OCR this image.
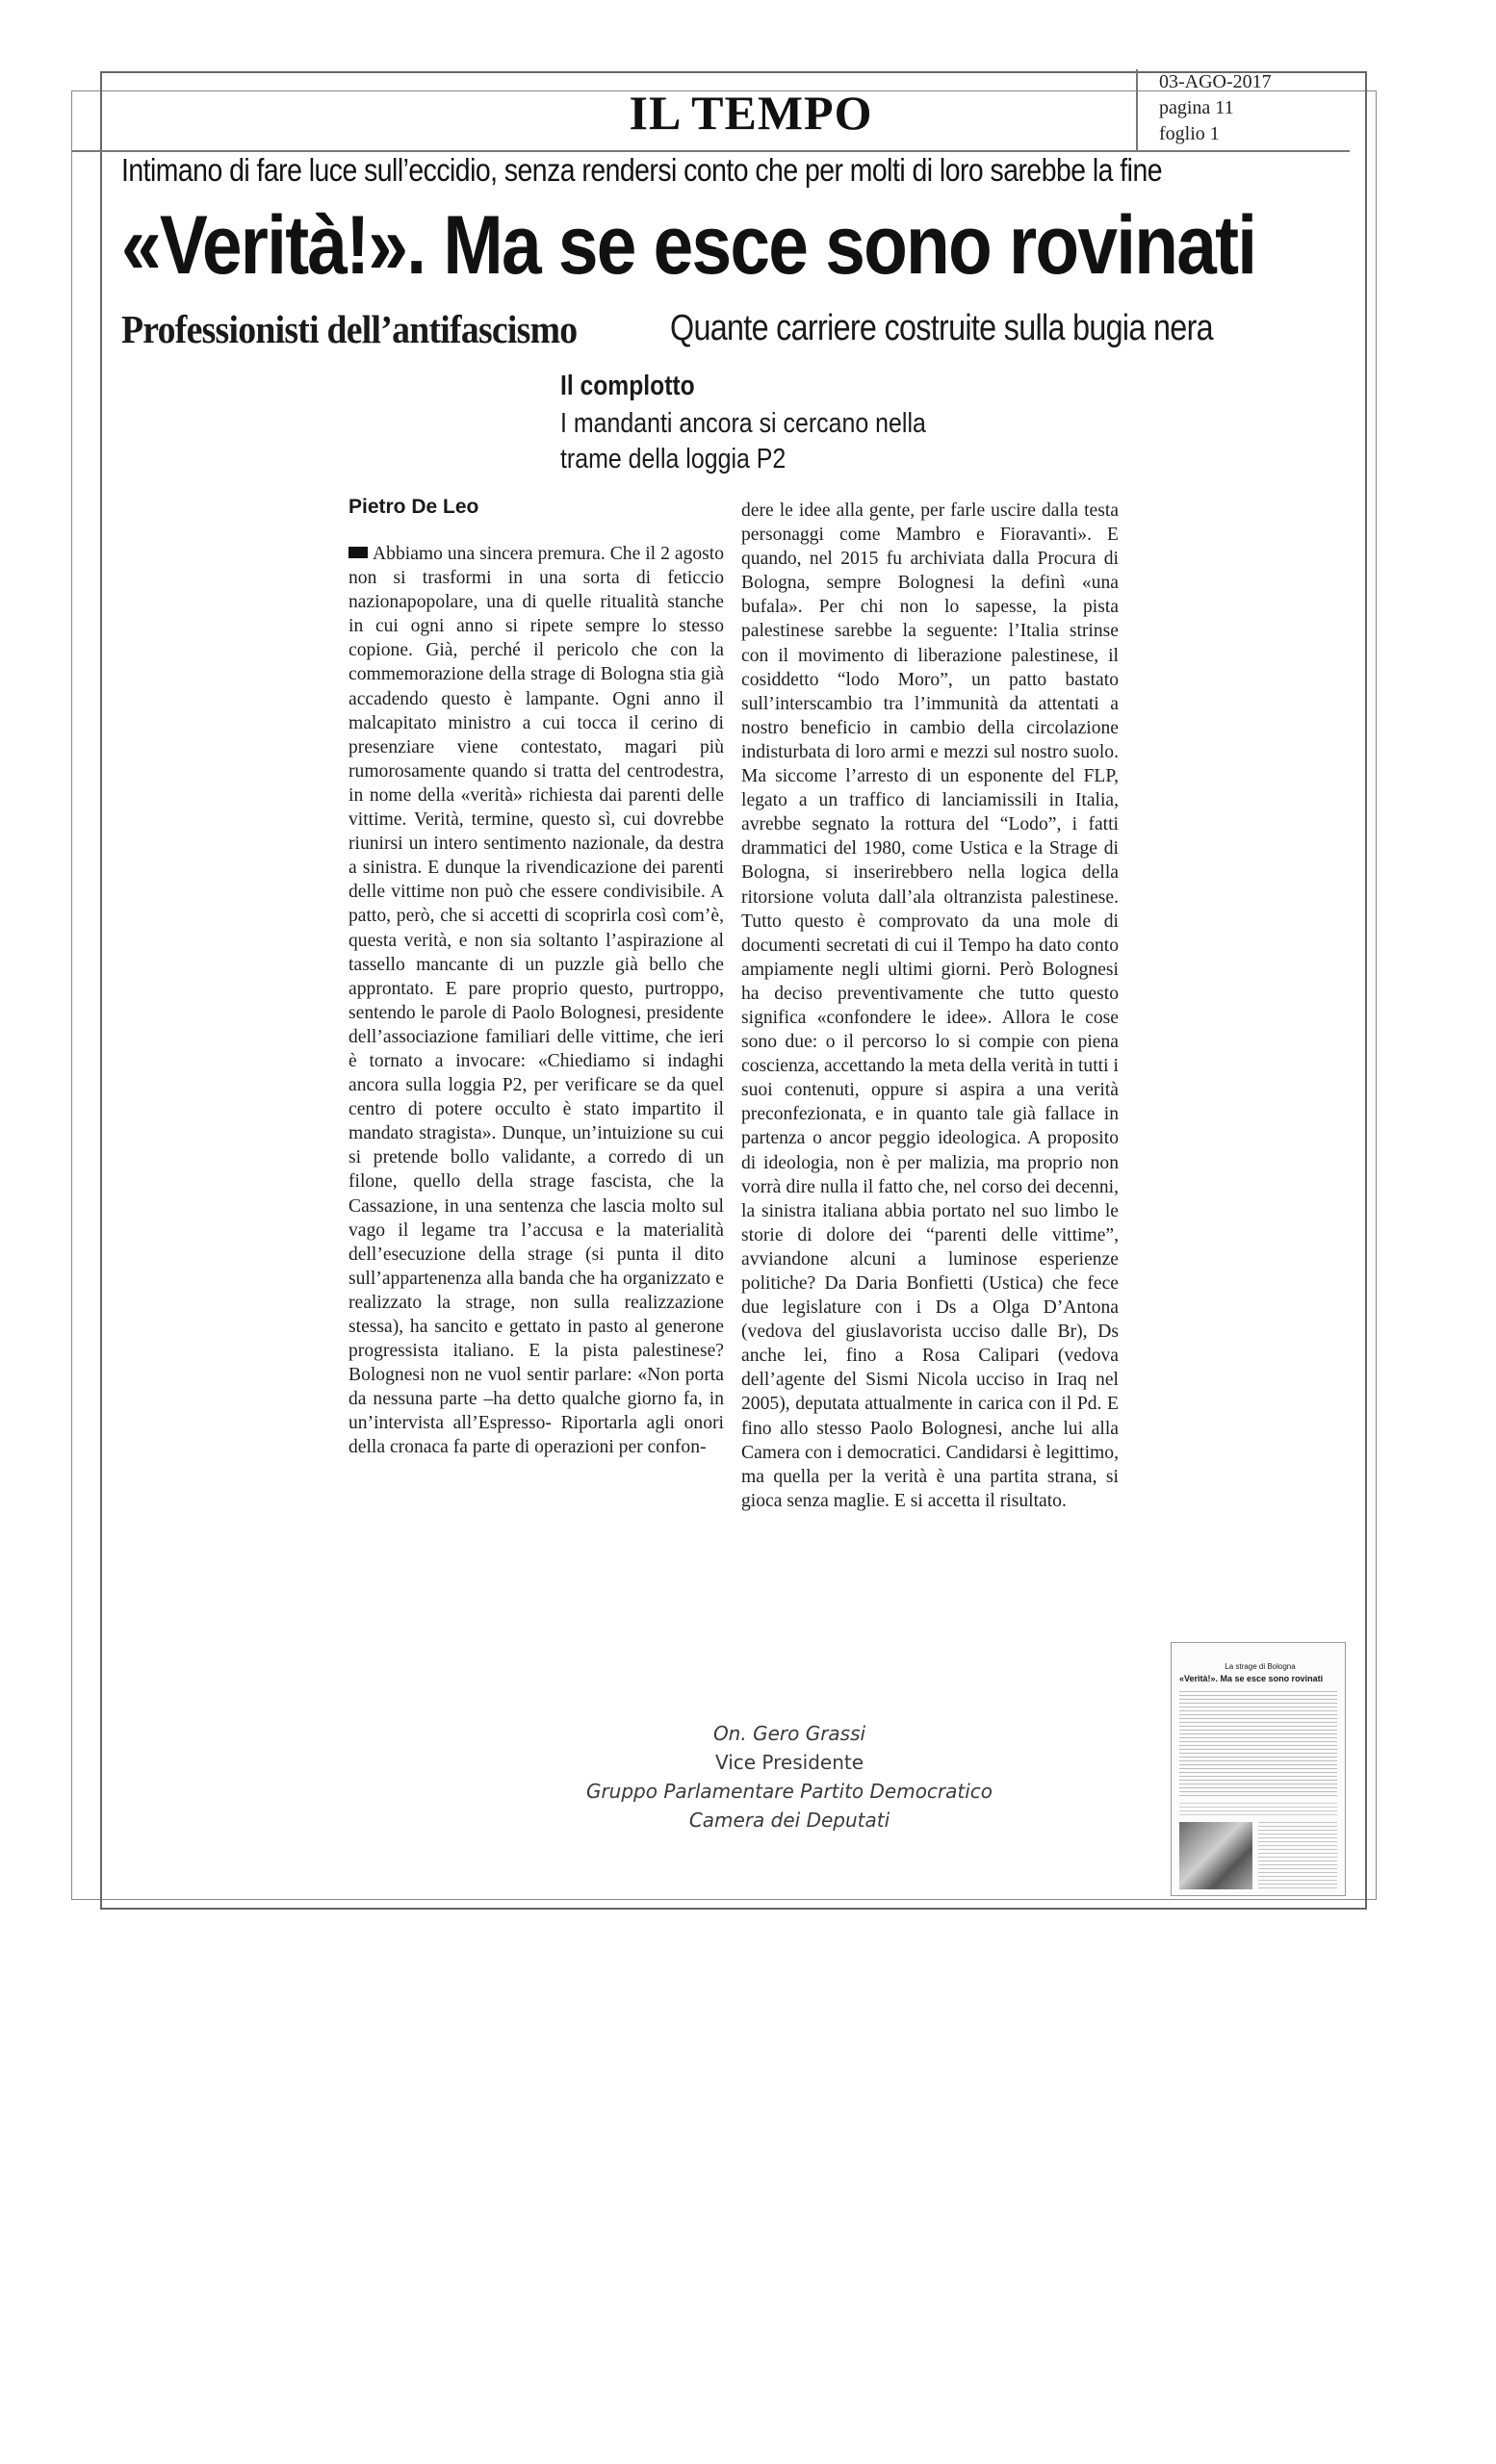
IL TEMPO
03-AGO-2017
pagina 11
foglio 1
Intimano di fare luce sull’eccidio, senza rendersi conto che per molti di loro sarebbe la fine
«Verità!». Ma se esce sono rovinati
Professionisti dell’antifascismo	Quante carriere costruite sulla bugia nera
Il complotto
I mandanti ancora si cercano nella trame della loggia P2
Pietro De Leo

Abbiamo una sincera premura. Che il 2 agosto non si trasformi in una sorta di feticcio nazionapopolare, una di quelle ritualità stanche in cui ogni anno si ripete sempre lo stesso copione. Già, perché il pericolo che con la commemorazione della strage di Bologna stia già accadendo questo è lampante. Ogni anno il malcapitato ministro a cui tocca il cerino di presenziare viene contestato, magari più rumorosamente quando si tratta del centrodestra, in nome della «verità» richiesta dai parenti delle vittime. Verità, termine, questo sì, cui dovrebbe riunirsi un intero sentimento nazionale, da destra a sinistra. E dunque la rivendicazione dei parenti delle vittime non può che essere condivisibile. A patto, però, che si accetti di scoprirla così com’è, questa verità, e non sia soltanto l’aspirazione al tassello mancante di un puzzle già bello che approntato. E pare proprio questo, purtroppo, sentendo le parole di Paolo Bolognesi, presidente dell’associazione familiari delle vittime, che ieri è tornato a invocare: «Chiediamo si indaghi ancora sulla loggia P2, per verificare se da quel centro di potere occulto è stato impartito il mandato stragista». Dunque, un’intuizione su cui si pretende bollo validante, a corredo di un filone, quello della strage fascista, che la Cassazione, in una sentenza che lascia molto sul vago il legame tra l’accusa e la materialità dell’esecuzione della strage (si punta il dito sull’appartenenza alla banda che ha organizzato e realizzato la strage, non sulla realizzazione stessa), ha sancito e gettato in pasto al generone progressista italiano. E la pista palestinese? Bolognesi non ne vuol sentir parlare: «Non porta da nessuna parte –ha detto qualche giorno fa, in un’intervista all’Espresso- Riportarla agli onori della cronaca fa parte di operazioni per confon-

dere le idee alla gente, per farle uscire dalla testa personaggi come Mambro e Fioravanti». E quando, nel 2015 fu archiviata dalla Procura di Bologna, sempre Bolognesi la definì «una bufala». Per chi non lo sapesse, la pista palestinese sarebbe la seguente: l’Italia strinse con il movimento di liberazione palestinese, il cosiddetto “lodo Moro”, un patto bastato sull’interscambio tra l’immunità da attentati a nostro beneficio in cambio della circolazione indisturbata di loro armi e mezzi sul nostro suolo. Ma siccome l’arresto di un esponente del FLP, legato a un traffico di lanciamissili in Italia, avrebbe segnato la rottura del “Lodo”, i fatti drammatici del 1980, come Ustica e la Strage di Bologna, si inserirebbero nella logica della ritorsione voluta dall’ala oltranzista palestinese. Tutto questo è comprovato da una mole di documenti secretati di cui il Tempo ha dato conto ampiamente negli ultimi giorni. Però Bolognesi ha deciso preventivamente che tutto questo significa «confondere le idee». Allora le cose sono due: o il percorso lo si compie con piena coscienza, accettando la meta della verità in tutti i suoi contenuti, oppure si aspira a una verità preconfezionata, e in quanto tale già fallace in partenza o ancor peggio ideologica. A proposito di ideologia, non è per malizia, ma proprio non vorrà dire nulla il fatto che, nel corso dei decenni, la sinistra italiana abbia portato nel suo limbo le storie di dolore dei “parenti delle vittime”, avviandone alcuni a luminose esperienze politiche? Da Daria Bonfietti (Ustica) che fece due legislature con i Ds a Olga D’Antona (vedova del giuslavorista ucciso dalle Br), Ds anche lei, fino a Rosa Calipari (vedova dell’agente del Sismi Nicola ucciso in Iraq nel 2005), deputata attualmente in carica con il Pd. E fino allo stesso Paolo Bolognesi, anche lui alla Camera con i democratici. Candidarsi è legittimo, ma quella per la verità è una partita strana, si gioca senza maglie. E si accetta il risultato.

On. Gero Grassi
Vice Presidente
Gruppo Parlamentare Partito Democratico
Camera dei Deputati
La strage di Bologna
«Verità!». Ma se esce sono rovinati
